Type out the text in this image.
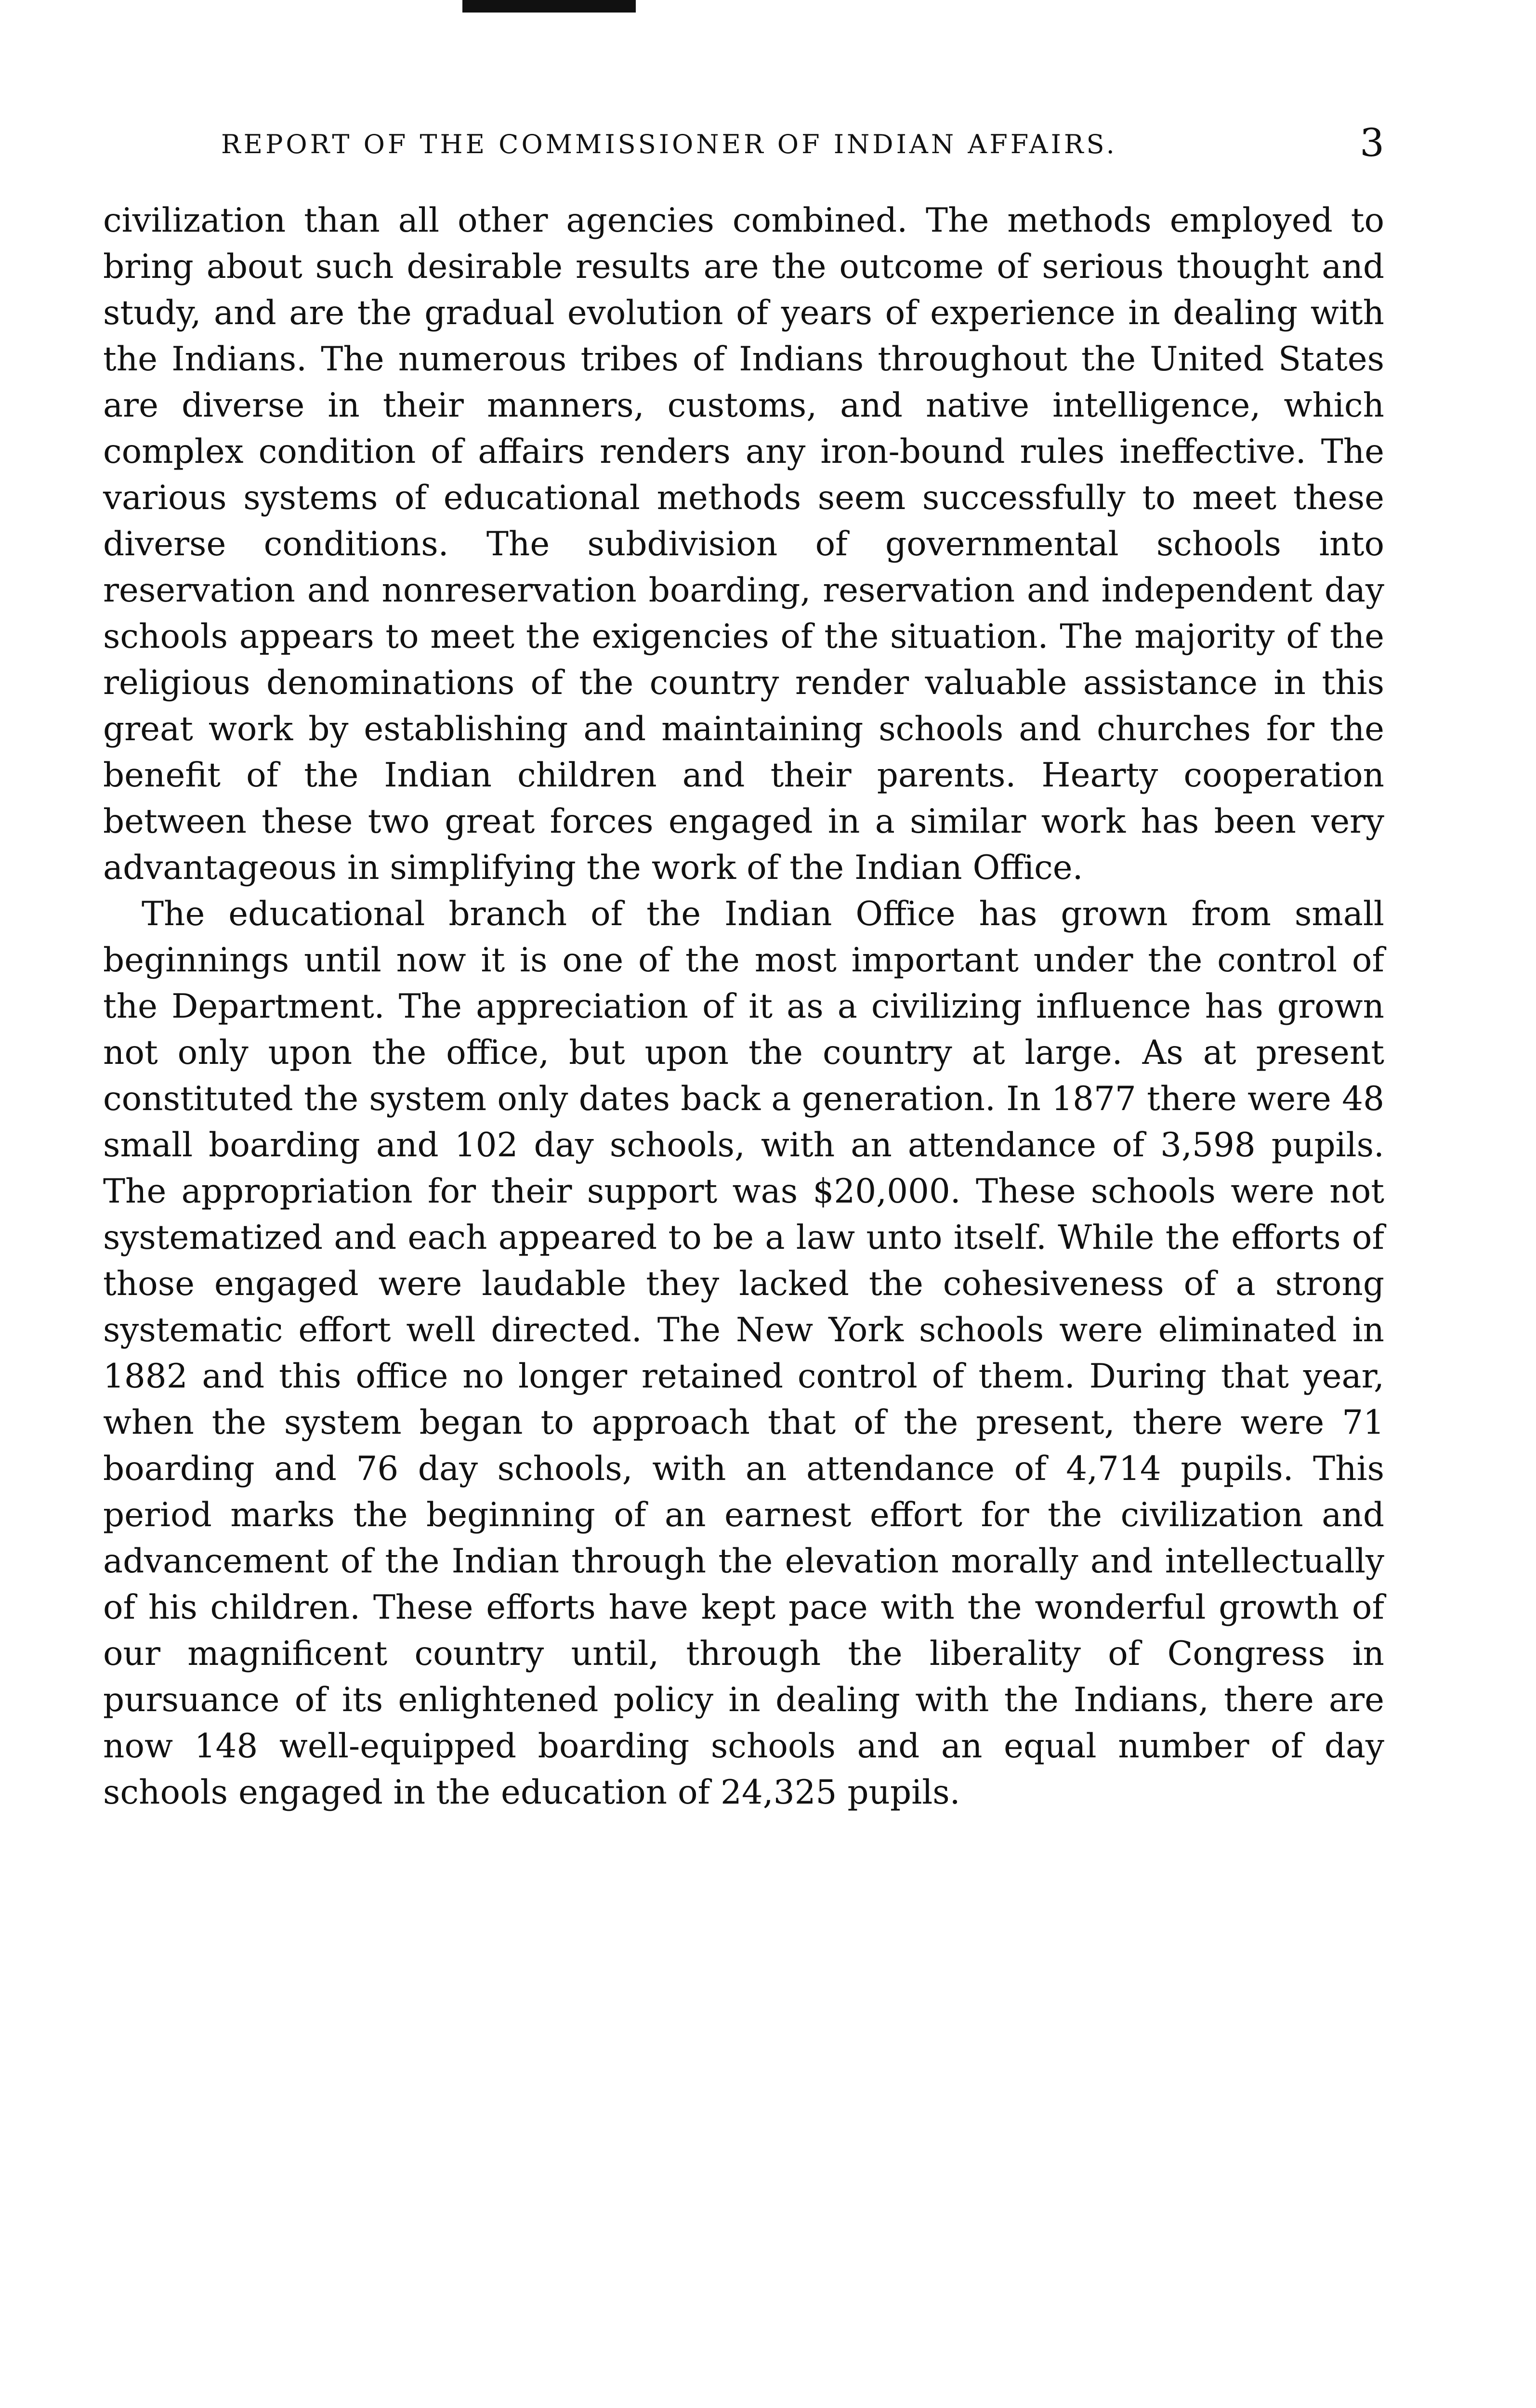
REPORT OF THE COMMISSIONER OF INDIAN AFFAIRS.	3

civilization than all other agencies combined. The methods employed to bring about such desirable results are the outcome of serious thought and study, and are the gradual evolution of years of experience in dealing with the Indians. The numerous tribes of Indians throughout the United States are diverse in their manners, customs, and native intelligence, which complex condition of affairs renders any iron-bound rules ineffective. The various systems of educational methods seem successfully to meet these diverse conditions. The subdivision of governmental schools into reservation and nonreservation boarding, reservation and independent day schools appears to meet the exigencies of the situation. The majority of the religious denominations of the country render valuable assistance in this great work by establishing and maintaining schools and churches for the benefit of the Indian children and their parents. Hearty cooperation between these two great forces engaged in a similar work has been very advantageous in simplifying the work of the Indian Office.

The educational branch of the Indian Office has grown from small beginnings until now it is one of the most important under the control of the Department. The appreciation of it as a civilizing influence has grown not only upon the office, but upon the country at large. As at present constituted the system only dates back a generation. In 1877 there were 48 small boarding and 102 day schools, with an attendance of 3,598 pupils. The appropriation for their support was $20,000. These schools were not systematized and each appeared to be a law unto itself. While the efforts of those engaged were laudable they lacked the cohesiveness of a strong systematic effort well directed. The New York schools were eliminated in 1882 and this office no longer retained control of them. During that year, when the system began to approach that of the present, there were 71 boarding and 76 day schools, with an attendance of 4,714 pupils. This period marks the beginning of an earnest effort for the civilization and advancement of the Indian through the elevation morally and intellectually of his children. These efforts have kept pace with the wonderful growth of our magnificent country until, through the liberality of Congress in pursuance of its enlightened policy in dealing with the Indians, there are now 148 well-equipped boarding schools and an equal number of day schools engaged in the education of 24,325 pupils.
